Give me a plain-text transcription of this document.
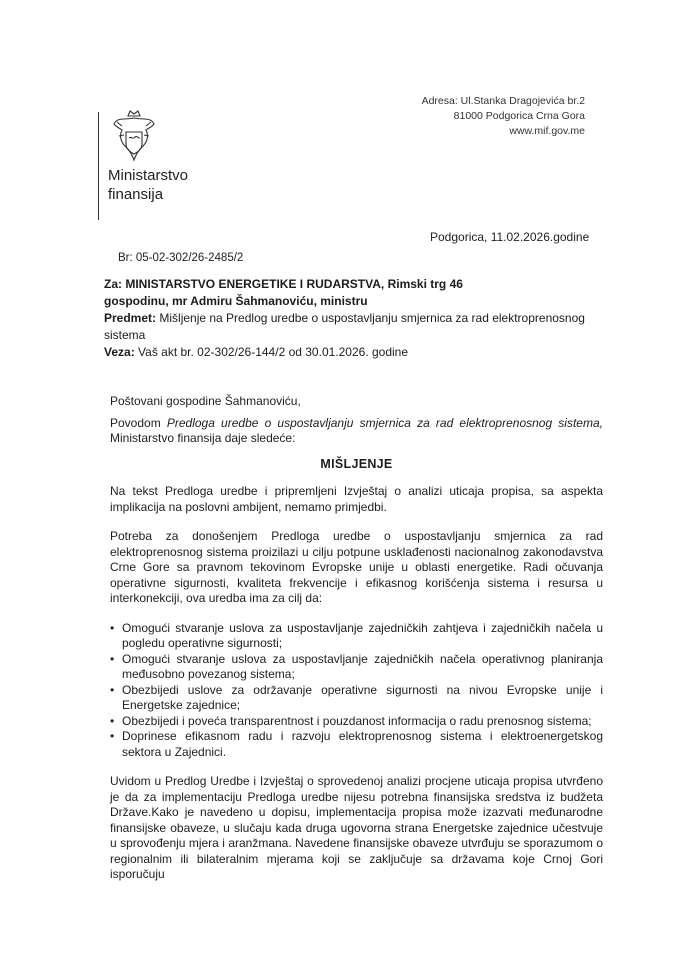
Ministarstvo
finansija
Adresa: Ul.Stanka Dragojevića br.2
81000 Podgorica Crna Gora
www.mif.gov.me
Podgorica, 11.02.2026.godine
Br: 05-02-302/26-2485/2
Za: MINISTARSTVO ENERGETIKE I RUDARSTVA, Rimski trg 46
gospodinu, mr Admiru Šahmanoviću, ministru
Predmet: Mišljenje na Predlog uredbe o uspostavljanju smjernica za rad elektroprenosnog sistema
Veza: Vaš akt br. 02-302/26-144/2 od 30.01.2026. godine

Poštovani gospodine Šahmanoviću,

Povodom Predloga uredbe o uspostavljanju smjernica za rad elektroprenosnog sistema, Ministarstvo finansija daje sledeće:

MIŠLJENJE

Na tekst Predloga uredbe i pripremljeni Izvještaj o analizi uticaja propisa, sa aspekta implikacija na poslovni ambijent, nemamo primjedbi.

Potreba za donošenjem Predloga uredbe o uspostavljanju smjernica za rad elektroprenosnog sistema proizilazi u cilju potpune usklađenosti nacionalnog zakonodavstva Crne Gore sa pravnom tekovinom Evropske unije u oblasti energetike. Radi očuvanja operativne sigurnosti, kvaliteta frekvencije i efikasnog korišćenja sistema i resursa u interkonekciji, ova uredba ima za cilj da:

• Omogući stvaranje uslova za uspostavljanje zajedničkih zahtjeva i zajedničkih načela u pogledu operativne sigurnosti;
• Omogući stvaranje uslova za uspostavljanje zajedničkih načela operativnog planiranja međusobno povezanog sistema;
• Obezbijedi uslove za održavanje operativne sigurnosti na nivou Evropske unije i Energetske zajednice;
• Obezbijedi i poveća transparentnost i pouzdanost informacija o radu prenosnog sistema;
• Doprinese efikasnom radu i razvoju elektroprenosnog sistema i elektroenergetskog sektora u Zajednici.

Uvidom u Predlog Uredbe i Izvještaj o sprovedenoj analizi procjene uticaja propisa utvrđeno je da za implementaciju Predloga uredbe nijesu potrebna finansijska sredstva iz budžeta Države.Kako je navedeno u dopisu, implementacija propisa može izazvati međunarodne finansijske obaveze, u slučaju kada druga ugovorna strana Energetske zajednice učestvuje u sprovođenju mjera i aranžmana. Navedene finansijske obaveze utvrđuju se sporazumom o regionalnim ili bilateralnim mjerama koji se zaključuje sa državama koje Crnoj Gori isporučuju
